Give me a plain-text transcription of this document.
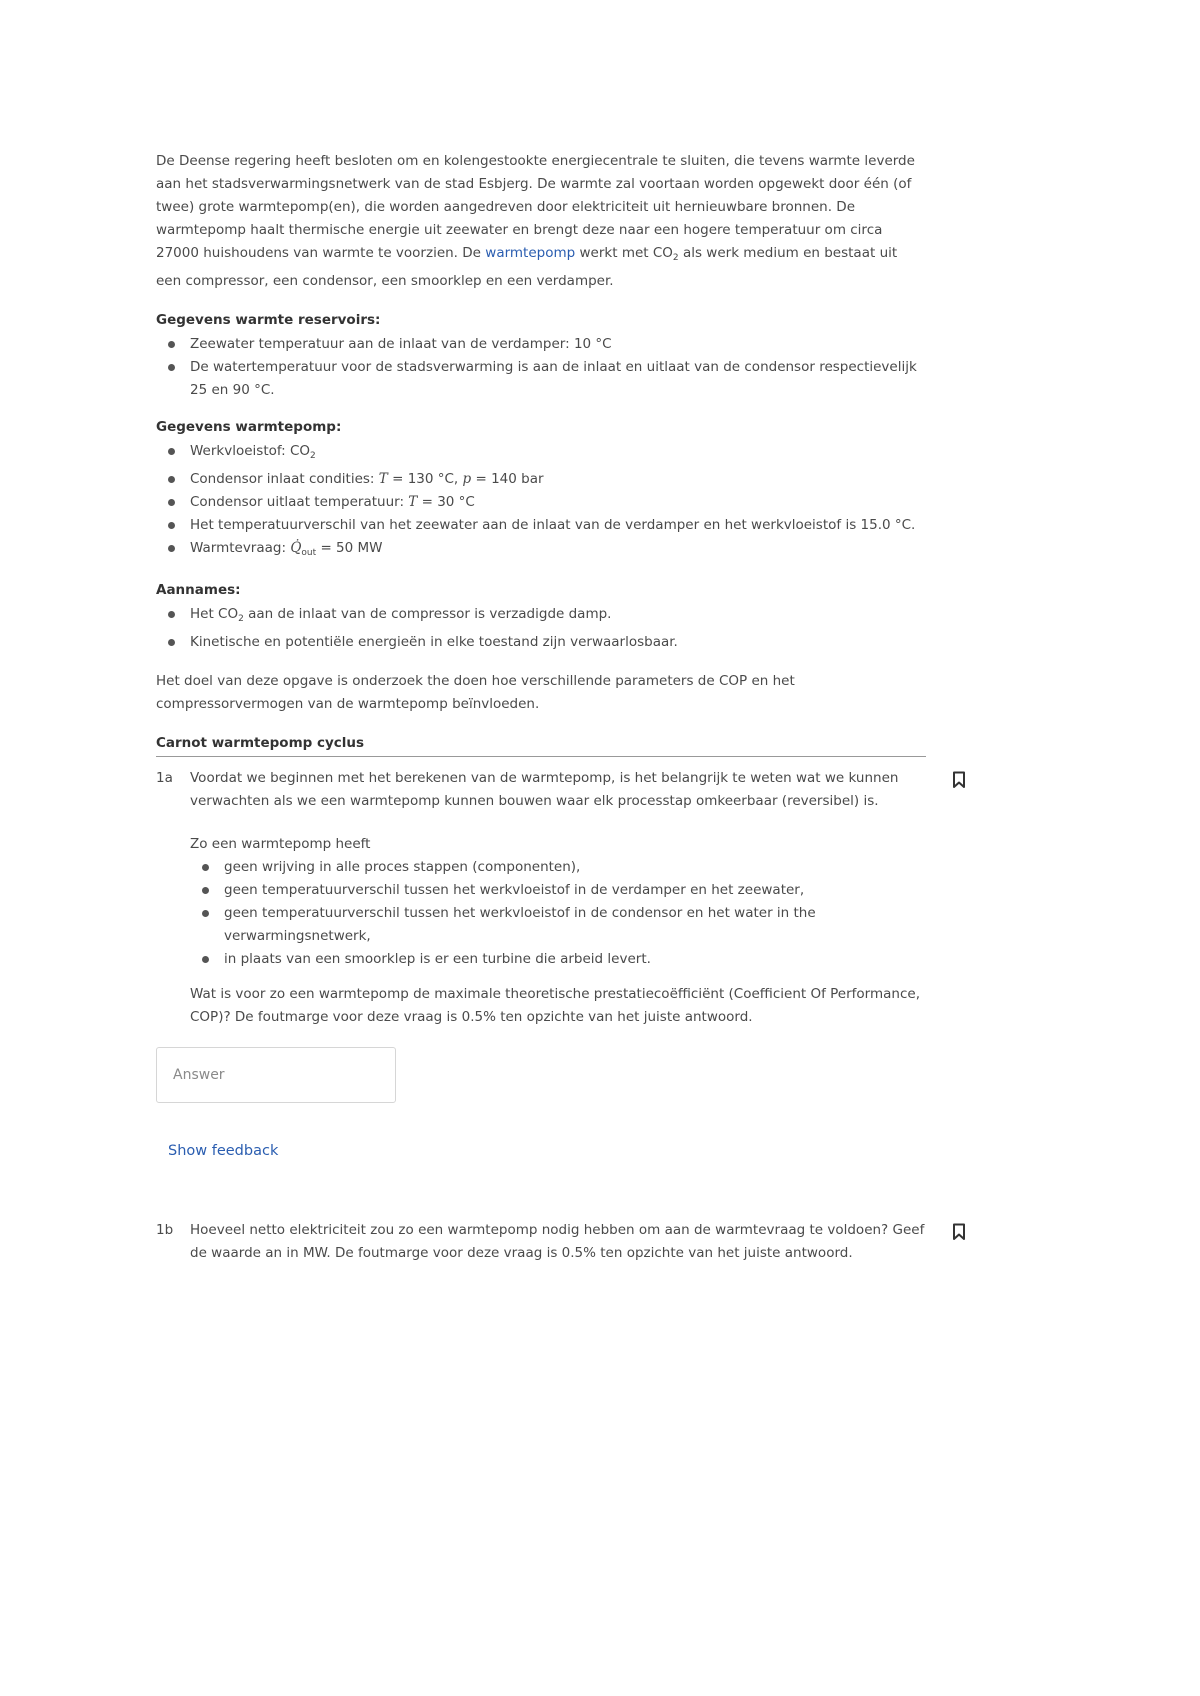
De Deense regering heeft besloten om en kolengestookte energiecentrale te sluiten, die tevens warmte leverde aan het stadsverwarmingsnetwerk van de stad Esbjerg. De warmte zal voortaan worden opgewekt door één (of twee) grote warmtepomp(en), die worden aangedreven door elektriciteit uit hernieuwbare bronnen. De warmtepomp haalt thermische energie uit zeewater en brengt deze naar een hogere temperatuur om circa 27000 huishoudens van warmte te voorzien. De warmtepomp werkt met $CO_2$ als werk medium en bestaat uit een compressor, een condensor, een smoorklep en een verdamper.

Gegevens warmte reservoirs:
Zeewater temperatuur aan de inlaat van de verdamper: 10 °C
De watertemperatuur voor de stadsverwarming is aan de inlaat en uitlaat van de condensor respectievelijk 25 en 90 °C.
Gegevens warmtepomp:
Werkvloeistof: $CO_2$
Condensor inlaat condities: T = 130 °C, p = 140 bar
Condensor uitlaat temperatuur: T = 30 °C
Het temperatuurverschil van het zeewater aan de inlaat van de verdamper en het werkvloeistof is 15.0 °C.
Warmtevraag: $Q̇_{out} = 50$ MW
Aannames:
Het $CO_2$ aan de inlaat van de compressor is verzadigde damp.
Kinetische en potentiële energieën in elke toestand zijn verwaarlosbaar.

Het doel van deze opgave is onderzoek the doen hoe verschillende parameters de COP en het compressorvermogen van de warmtepomp beïnvloeden.

Carnot warmtepomp cyclus
1a Voordat we beginnen met het berekenen van de warmtepomp, is het belangrijk te weten wat we kunnen verwachten als we een warmtepomp kunnen bouwen waar elk processtap omkeerbaar (reversibel) is.

Zo een warmtepomp heeft

geen wrijving in alle proces stappen (componenten),
geen temperatuurverschil tussen het werkvloeistof in de verdamper en het zeewater,
geen temperatuurverschil tussen het werkvloeistof in de condensor en het water in the verwarmingsnetwerk,
in plaats van een smoorklep is er een turbine die arbeid levert.

Wat is voor zo een warmtepomp de maximale theoretische prestatiecoëfficiënt (Coefficient Of Performance, COP)? De foutmarge voor deze vraag is 0.5% ten opzichte van het juiste antwoord.

Answer
Show feedback
1b Hoeveel netto elektriciteit zou zo een warmtepomp nodig hebben om aan de warmtevraag te voldoen? Geef de waarde an in MW. De foutmarge voor deze vraag is 0.5% ten opzichte van het juiste antwoord.
